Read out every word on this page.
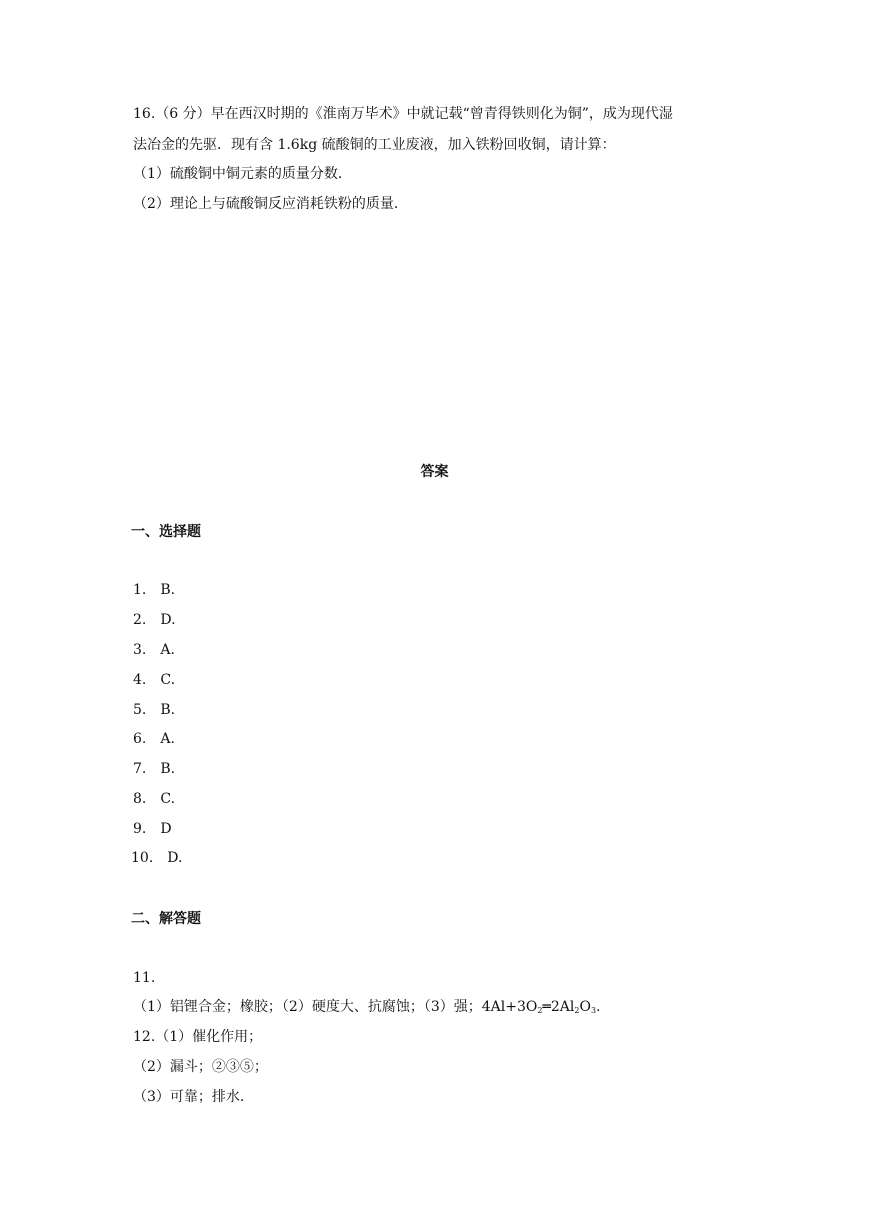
16.（6 分）早在西汉时期的《淮南万毕术》中就记载“曾青得铁则化为铜”，成为现代湿
法冶金的先驱．现有含 1.6kg 硫酸铜的工业废液，加入铁粉回收铜，请计算：
（1）硫酸铜中铜元素的质量分数．
（2）理论上与硫酸铜反应消耗铁粉的质量．
答案
一、选择题
1.　B.
2.　D.
3.　A.
4.　C.
5.　B.
6.　A.
7.　B.
8.　C.
9.　D
10.　D.
二、解答题
11.
（1）铝锂合金；橡胶；（2）硬度大、抗腐蚀；（3）强；$4Al+3O_2═2Al_2O_3$.
12.（1）催化作用；
（2）漏斗；②③⑤；
（3）可靠；排水．
